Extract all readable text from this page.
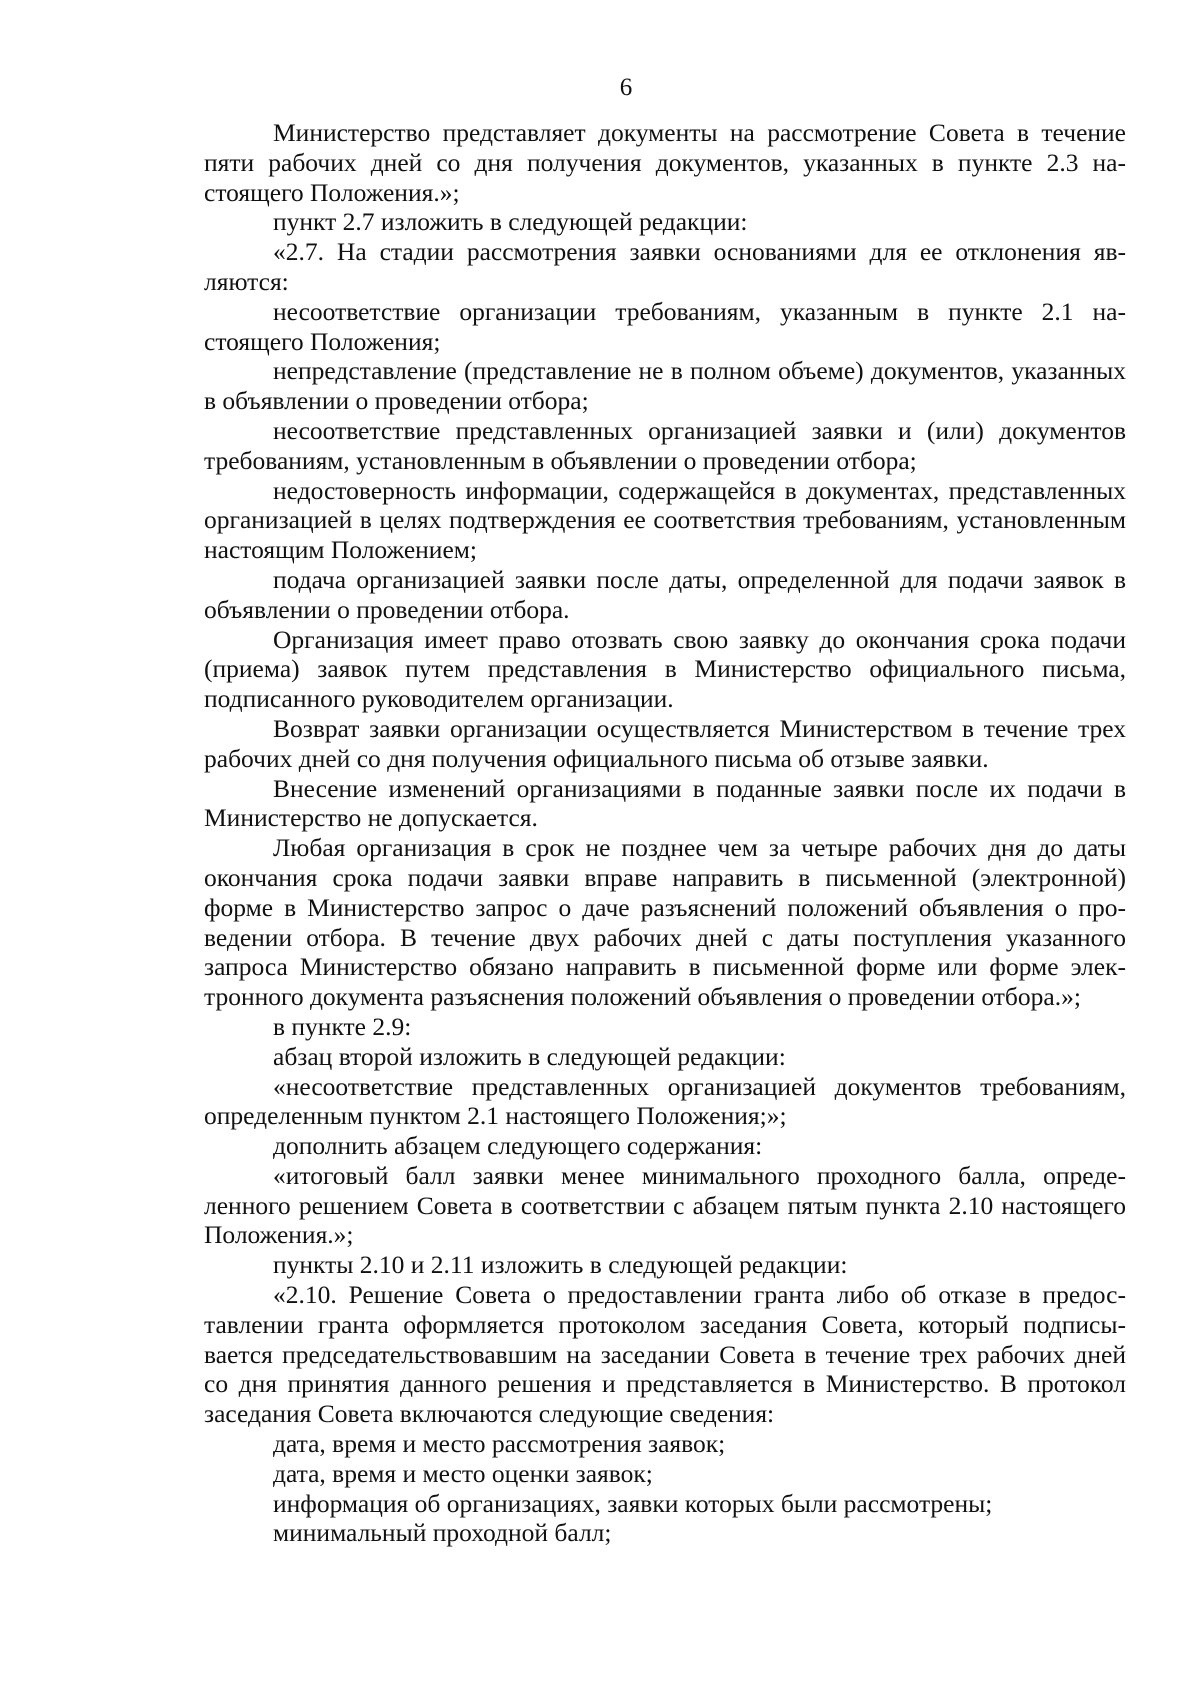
6

Министерство представляет документы на рассмотрение Совета в течение пяти рабочих дней со дня получения документов, указанных в пункте 2.3 настоящего Положения.»;

пункт 2.7 изложить в следующей редакции:

«2.7. На стадии рассмотрения заявки основаниями для ее отклонения являются:

несоответствие организации требованиям, указанным в пункте 2.1 настоящего Положения;

непредставление (представление не в полном объеме) документов, указанных в объявлении о проведении отбора;

несоответствие представленных организацией заявки и (или) документов требованиям, установленным в объявлении о проведении отбора;

недостоверность информации, содержащейся в документах, представленных организацией в целях подтверждения ее соответствия требованиям, установленным настоящим Положением;

подача организацией заявки после даты, определенной для подачи заявок в объявлении о проведении отбора.

Организация имеет право отозвать свою заявку до окончания срока подачи (приема) заявок путем представления в Министерство официального письма, подписанного руководителем организации.

Возврат заявки организации осуществляется Министерством в течение трех рабочих дней со дня получения официального письма об отзыве заявки.

Внесение изменений организациями в поданные заявки после их подачи в Министерство не допускается.

Любая организация в срок не позднее чем за четыре рабочих дня до даты окончания срока подачи заявки вправе направить в письменной (электронной) форме в Министерство запрос о даче разъяснений положений объявления о проведении отбора. В течение двух рабочих дней с даты поступления указанного запроса Министерство обязано направить в письменной форме или форме электронного документа разъяснения положений объявления о проведении отбора.»;

в пункте 2.9:

абзац второй изложить в следующей редакции:

«несоответствие представленных организацией документов требованиям, определенным пунктом 2.1 настоящего Положения;»;

дополнить абзацем следующего содержания:

«итоговый балл заявки менее минимального проходного балла, определенного решением Совета в соответствии с абзацем пятым пункта 2.10 настоящего Положения.»;

пункты 2.10 и 2.11 изложить в следующей редакции:

«2.10. Решение Совета о предоставлении гранта либо об отказе в предоставлении гранта оформляется протоколом заседания Совета, который подписывается председательствовавшим на заседании Совета в течение трех рабочих дней со дня принятия данного решения и представляется в Министерство. В протокол заседания Совета включаются следующие сведения:

дата, время и место рассмотрения заявок;

дата, время и место оценки заявок;

информация об организациях, заявки которых были рассмотрены;

минимальный проходной балл;
